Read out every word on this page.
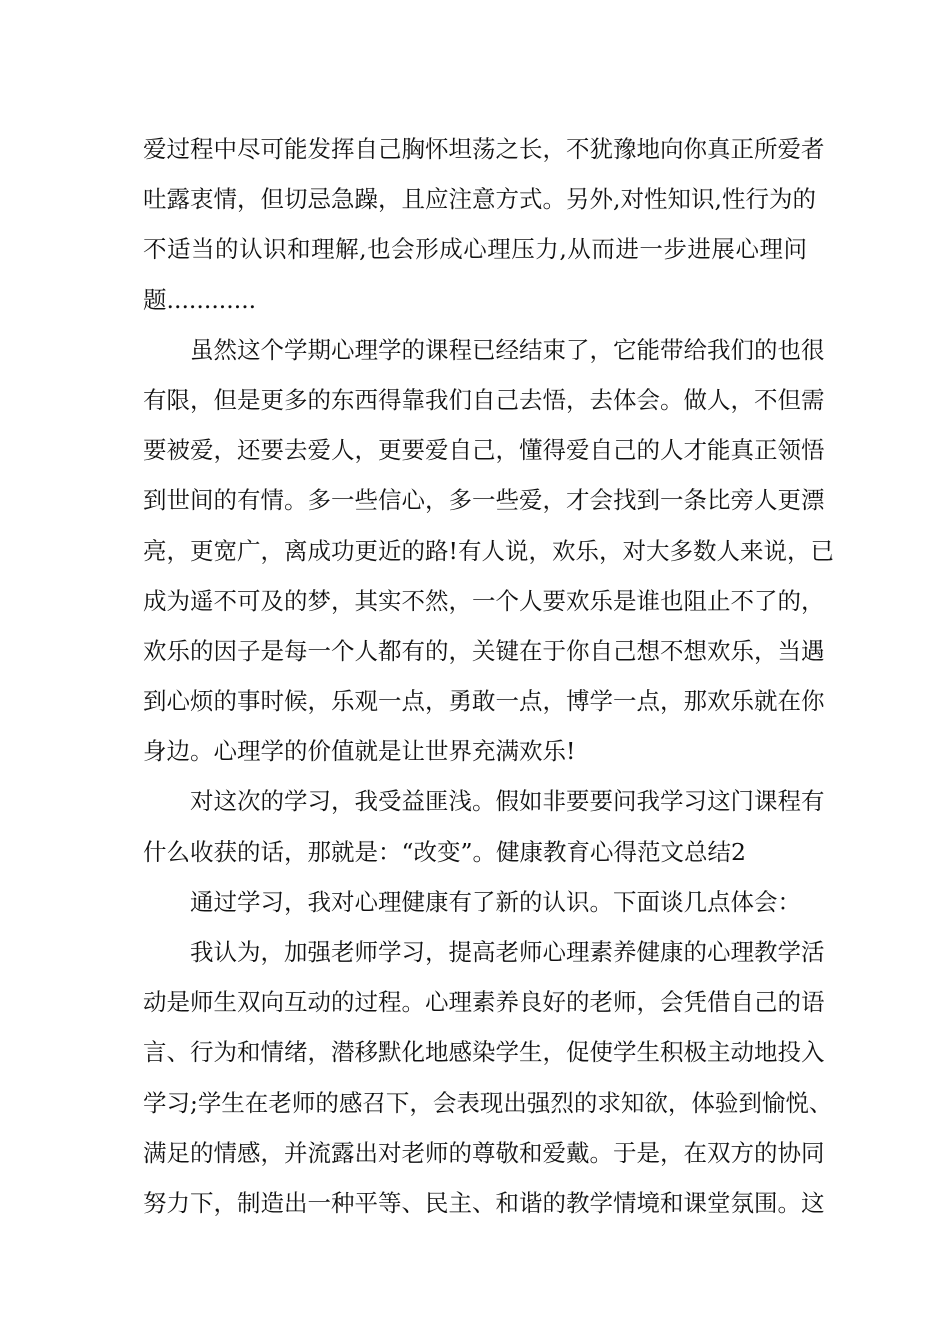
爱过程中尽可能发挥自己胸怀坦荡之长，不犹豫地向你真正所爱者
吐露衷情，但切忌急躁，且应注意方式。另外,对性知识,性行为的
不适当的认识和理解,也会形成心理压力,从而进一步进展心理问
题............
虽然这个学期心理学的课程已经结束了，它能带给我们的也很
有限，但是更多的东西得靠我们自己去悟，去体会。做人，不但需
要被爱，还要去爱人，更要爱自己，懂得爱自己的人才能真正领悟
到世间的有情。多一些信心，多一些爱，才会找到一条比旁人更漂
亮，更宽广，离成功更近的路!有人说，欢乐，对大多数人来说，已
成为遥不可及的梦，其实不然，一个人要欢乐是谁也阻止不了的，
欢乐的因子是每一个人都有的，关键在于你自己想不想欢乐，当遇
到心烦的事时候，乐观一点，勇敢一点，博学一点，那欢乐就在你
身边。心理学的价值就是让世界充满欢乐!
对这次的学习，我受益匪浅。假如非要要问我学习这门课程有
什么收获的话，那就是：“改变”。健康教育心得范文总结2
通过学习，我对心理健康有了新的认识。下面谈几点体会：
我认为，加强老师学习，提高老师心理素养健康的心理教学活
动是师生双向互动的过程。心理素养良好的老师，会凭借自己的语
言、行为和情绪，潜移默化地感染学生，促使学生积极主动地投入
学习;学生在老师的感召下，会表现出强烈的求知欲，体验到愉悦、
满足的情感，并流露出对老师的尊敬和爱戴。于是，在双方的协同
努力下，制造出一种平等、民主、和谐的教学情境和课堂氛围。这
